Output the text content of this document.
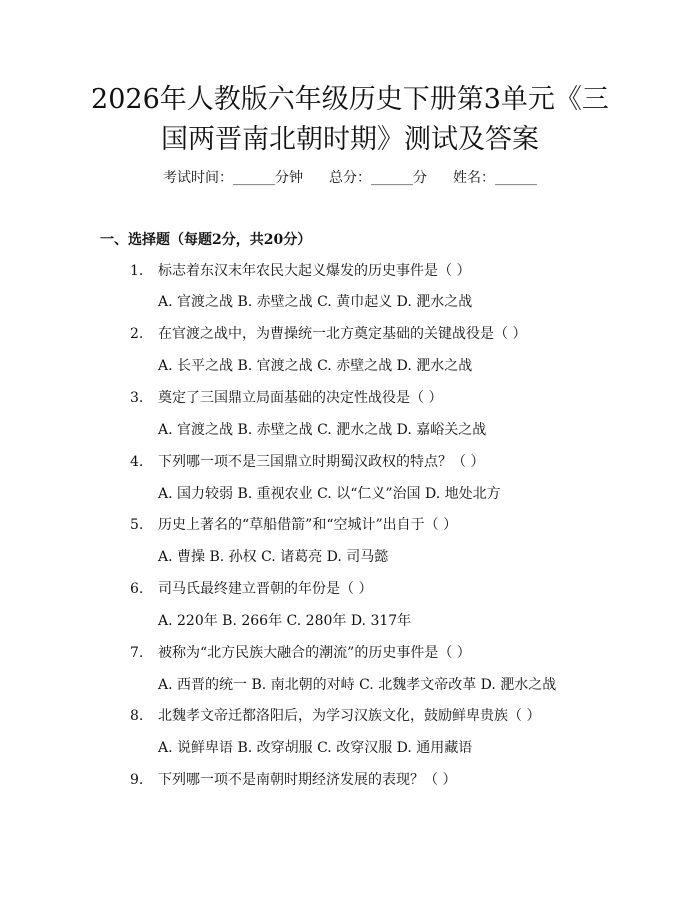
2026年人教版六年级历史下册第3单元《三
国两晋南北朝时期》测试及答案
考试时间：______分钟 总分：______分 姓名：______
一、选择题（每题2分，共20分）
1. 标志着东汉末年农民大起义爆发的历史事件是（ ）
A. 官渡之战 B. 赤壁之战 C. 黄巾起义 D. 淝水之战
2. 在官渡之战中，为曹操统一北方奠定基础的关键战役是（ ）
A. 长平之战 B. 官渡之战 C. 赤壁之战 D. 淝水之战
3. 奠定了三国鼎立局面基础的决定性战役是（ ）
A. 官渡之战 B. 赤壁之战 C. 淝水之战 D. 嘉峪关之战
4. 下列哪一项不是三国鼎立时期蜀汉政权的特点？（ ）
A. 国力较弱 B. 重视农业 C. 以“仁义”治国 D. 地处北方
5. 历史上著名的“草船借箭”和“空城计”出自于（ ）
A. 曹操 B. 孙权 C. 诸葛亮 D. 司马懿
6. 司马氏最终建立晋朝的年份是（ ）
A. 220年 B. 266年 C. 280年 D. 317年
7. 被称为“北方民族大融合的潮流”的历史事件是（ ）
A. 西晋的统一 B. 南北朝的对峙 C. 北魏孝文帝改革 D. 淝水之战
8. 北魏孝文帝迁都洛阳后，为学习汉族文化，鼓励鲜卑贵族（ ）
A. 说鲜卑语 B. 改穿胡服 C. 改穿汉服 D. 通用藏语
9. 下列哪一项不是南朝时期经济发展的表现？（ ）
